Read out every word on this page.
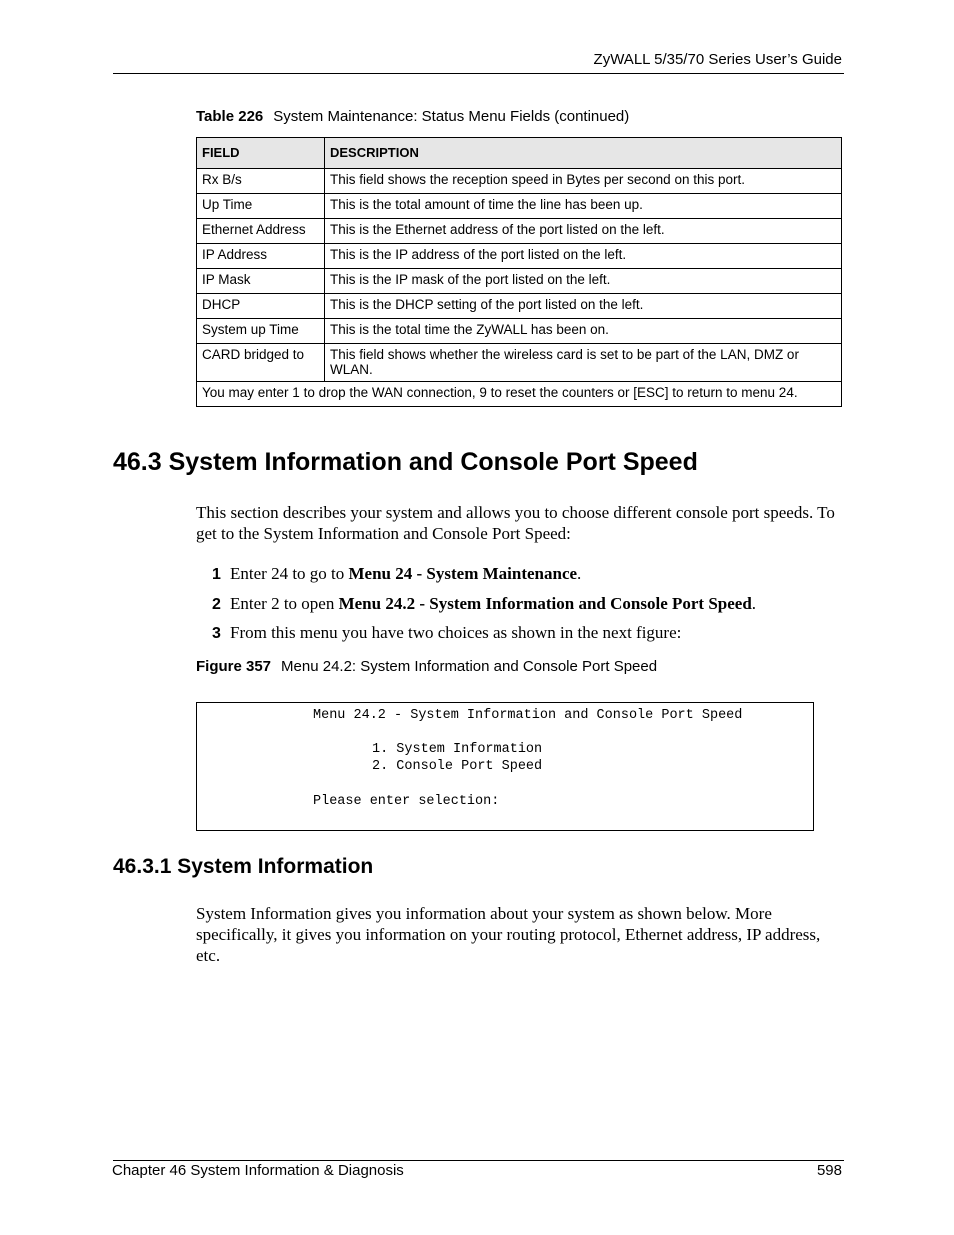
ZyWALL 5/35/70 Series User’s Guide
Table 226 System Maintenance: Status Menu Fields (continued)
FIELD	DESCRIPTION
Rx B/s	This field shows the reception speed in Bytes per second on this port.
Up Time	This is the total amount of time the line has been up.
Ethernet Address	This is the Ethernet address of the port listed on the left.
IP Address	This is the IP address of the port listed on the left.
IP Mask	This is the IP mask of the port listed on the left.
DHCP	This is the DHCP setting of the port listed on the left.
System up Time	This is the total time the ZyWALL has been on.
CARD bridged to	This field shows whether the wireless card is set to be part of the LAN, DMZ or WLAN.
You may enter 1 to drop the WAN connection, 9 to reset the counters or [ESC] to return to menu 24.	
46.3 System Information and Console Port Speed
This section describes your system and allows you to choose different console port speeds. To get to the System Information and Console Port Speed:
1 Enter 24 to go to Menu 24 - System Maintenance.
2 Enter 2 to open Menu 24.2 - System Information and Console Port Speed.
3 From this menu you have two choices as shown in the next figure:
Figure 357 Menu 24.2: System Information and Console Port Speed
Menu 24.2 - System Information and Console Port Speed
1. System Information
2. Console Port Speed
Please enter selection:
46.3.1 System Information
System Information gives you information about your system as shown below. More specifically, it gives you information on your routing protocol, Ethernet address, IP address, etc.
Chapter 46 System Information & Diagnosis	598
